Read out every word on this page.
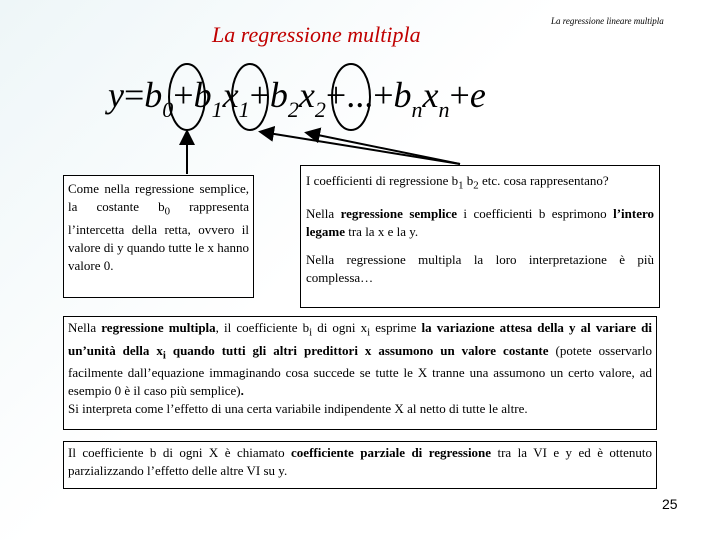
La regressione multipla
La regressione lineare multipla
$y=b_0+b_1x_1+b_2x_2+...+b_nx_n+e$

Come nella regressione semplice, la costante $b_0$ rappresenta l’intercetta della retta, ovvero il valore di y quando tutte le x hanno valore 0.

I coefficienti di regressione $b_1$ $b_2$ etc. cosa rappresentano?

Nella regressione semplice i coefficienti b esprimono l’intero legame tra la x e la y.

Nella regressione multipla la loro interpretazione è più complessa…

Nella regressione multipla, il coefficiente $b_i$ di ogni $x_i$ esprime la variazione attesa della y al variare di un’unità della $x_i$ quando tutti gli altri predittori x assumono un valore costante (potete osservarlo facilmente dall’equazione immaginando cosa succede se tutte le X tranne una assumono un certo valore, ad esempio 0 è il caso più semplice).

Si interpreta come l’effetto di una certa variabile indipendente X al netto di tutte le altre.

Il coefficiente b di ogni X è chiamato coefficiente parziale di regressione tra la VI e y ed è ottenuto parzializzando l’effetto delle altre VI su y.

25
